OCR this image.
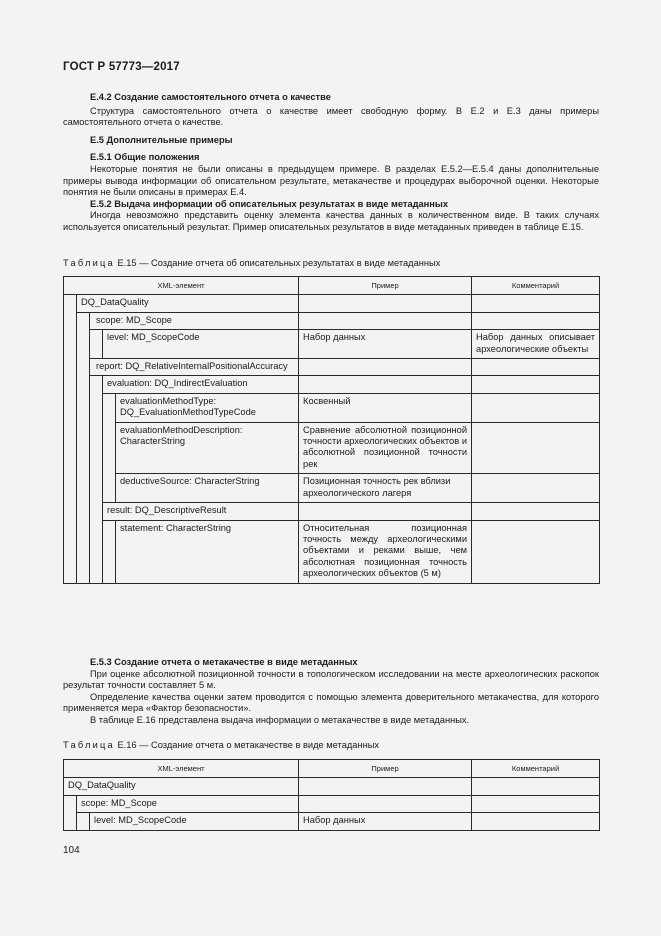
ГОСТ Р 57773—2017

Е.4.2 Создание самостоятельного отчета о качестве

Структура самостоятельного отчета о качестве имеет свободную форму. В Е.2 и Е.3 даны примеры самостоятельного отчета о качестве.

Е.5 Дополнительные примеры

Е.5.1 Общие положения

Некоторые понятия не были описаны в предыдущем примере. В разделах Е.5.2—Е.5.4 даны дополнительные примеры вывода информации об описательном результате, метакачестве и процедурах выборочной оценки. Некоторые понятия не были описаны в примерах Е.4.

Е.5.2 Выдача информации об описательных результатах в виде метаданных

Иногда невозможно представить оценку элемента качества данных в количественном виде. В таких случаях используется описательный результат. Пример описательных результатов в виде метаданных приведен в таблице Е.15.

Таблица Е.15 — Создание отчета об описательных результатах в виде метаданных
XML-элемент					Пример	Комментарий
	DQ_DataQuality					
		scope: MD_Scope				
			level: MD_ScopeCode		Набор данных	Набор данных описывает археологические объекты
		report: DQ_RelativeInternalPositionalAccuracy				
			evaluation: DQ_IndirectEvaluation			
				evaluationMethodType: DQ_EvaluationMethodTypeCode	Косвенный	
				evaluationMethodDescription: CharacterString	Сравнение абсолютной позиционной точности археологических объектов и абсолютной позиционной точности рек	
				deductiveSource: CharacterString	Позиционная точность рек вблизи археологического лагеря	
			result: DQ_DescriptiveResult			
				statement: CharacterString	Относительная позиционная точность между археологическими объектами и реками выше, чем абсолютная позиционная точность археологических объектов (5 м)	

Е.5.3 Создание отчета о метакачестве в виде метаданных

При оценке абсолютной позиционной точности в топологическом исследовании на месте археологических раскопок результат точности составляет 5 м.

Определение качества оценки затем проводится с помощью элемента доверительного метакачества, для которого применяется мера «Фактор безопасности».

В таблице Е.16 представлена выдача информации о метакачестве в виде метаданных.

Таблица Е.16 — Создание отчета о метакачестве в виде метаданных
XML-элемент			Пример	Комментарий
DQ_DataQuality				
	scope: MD_Scope			
		level: MD_ScopeCode	Набор данных	
104
